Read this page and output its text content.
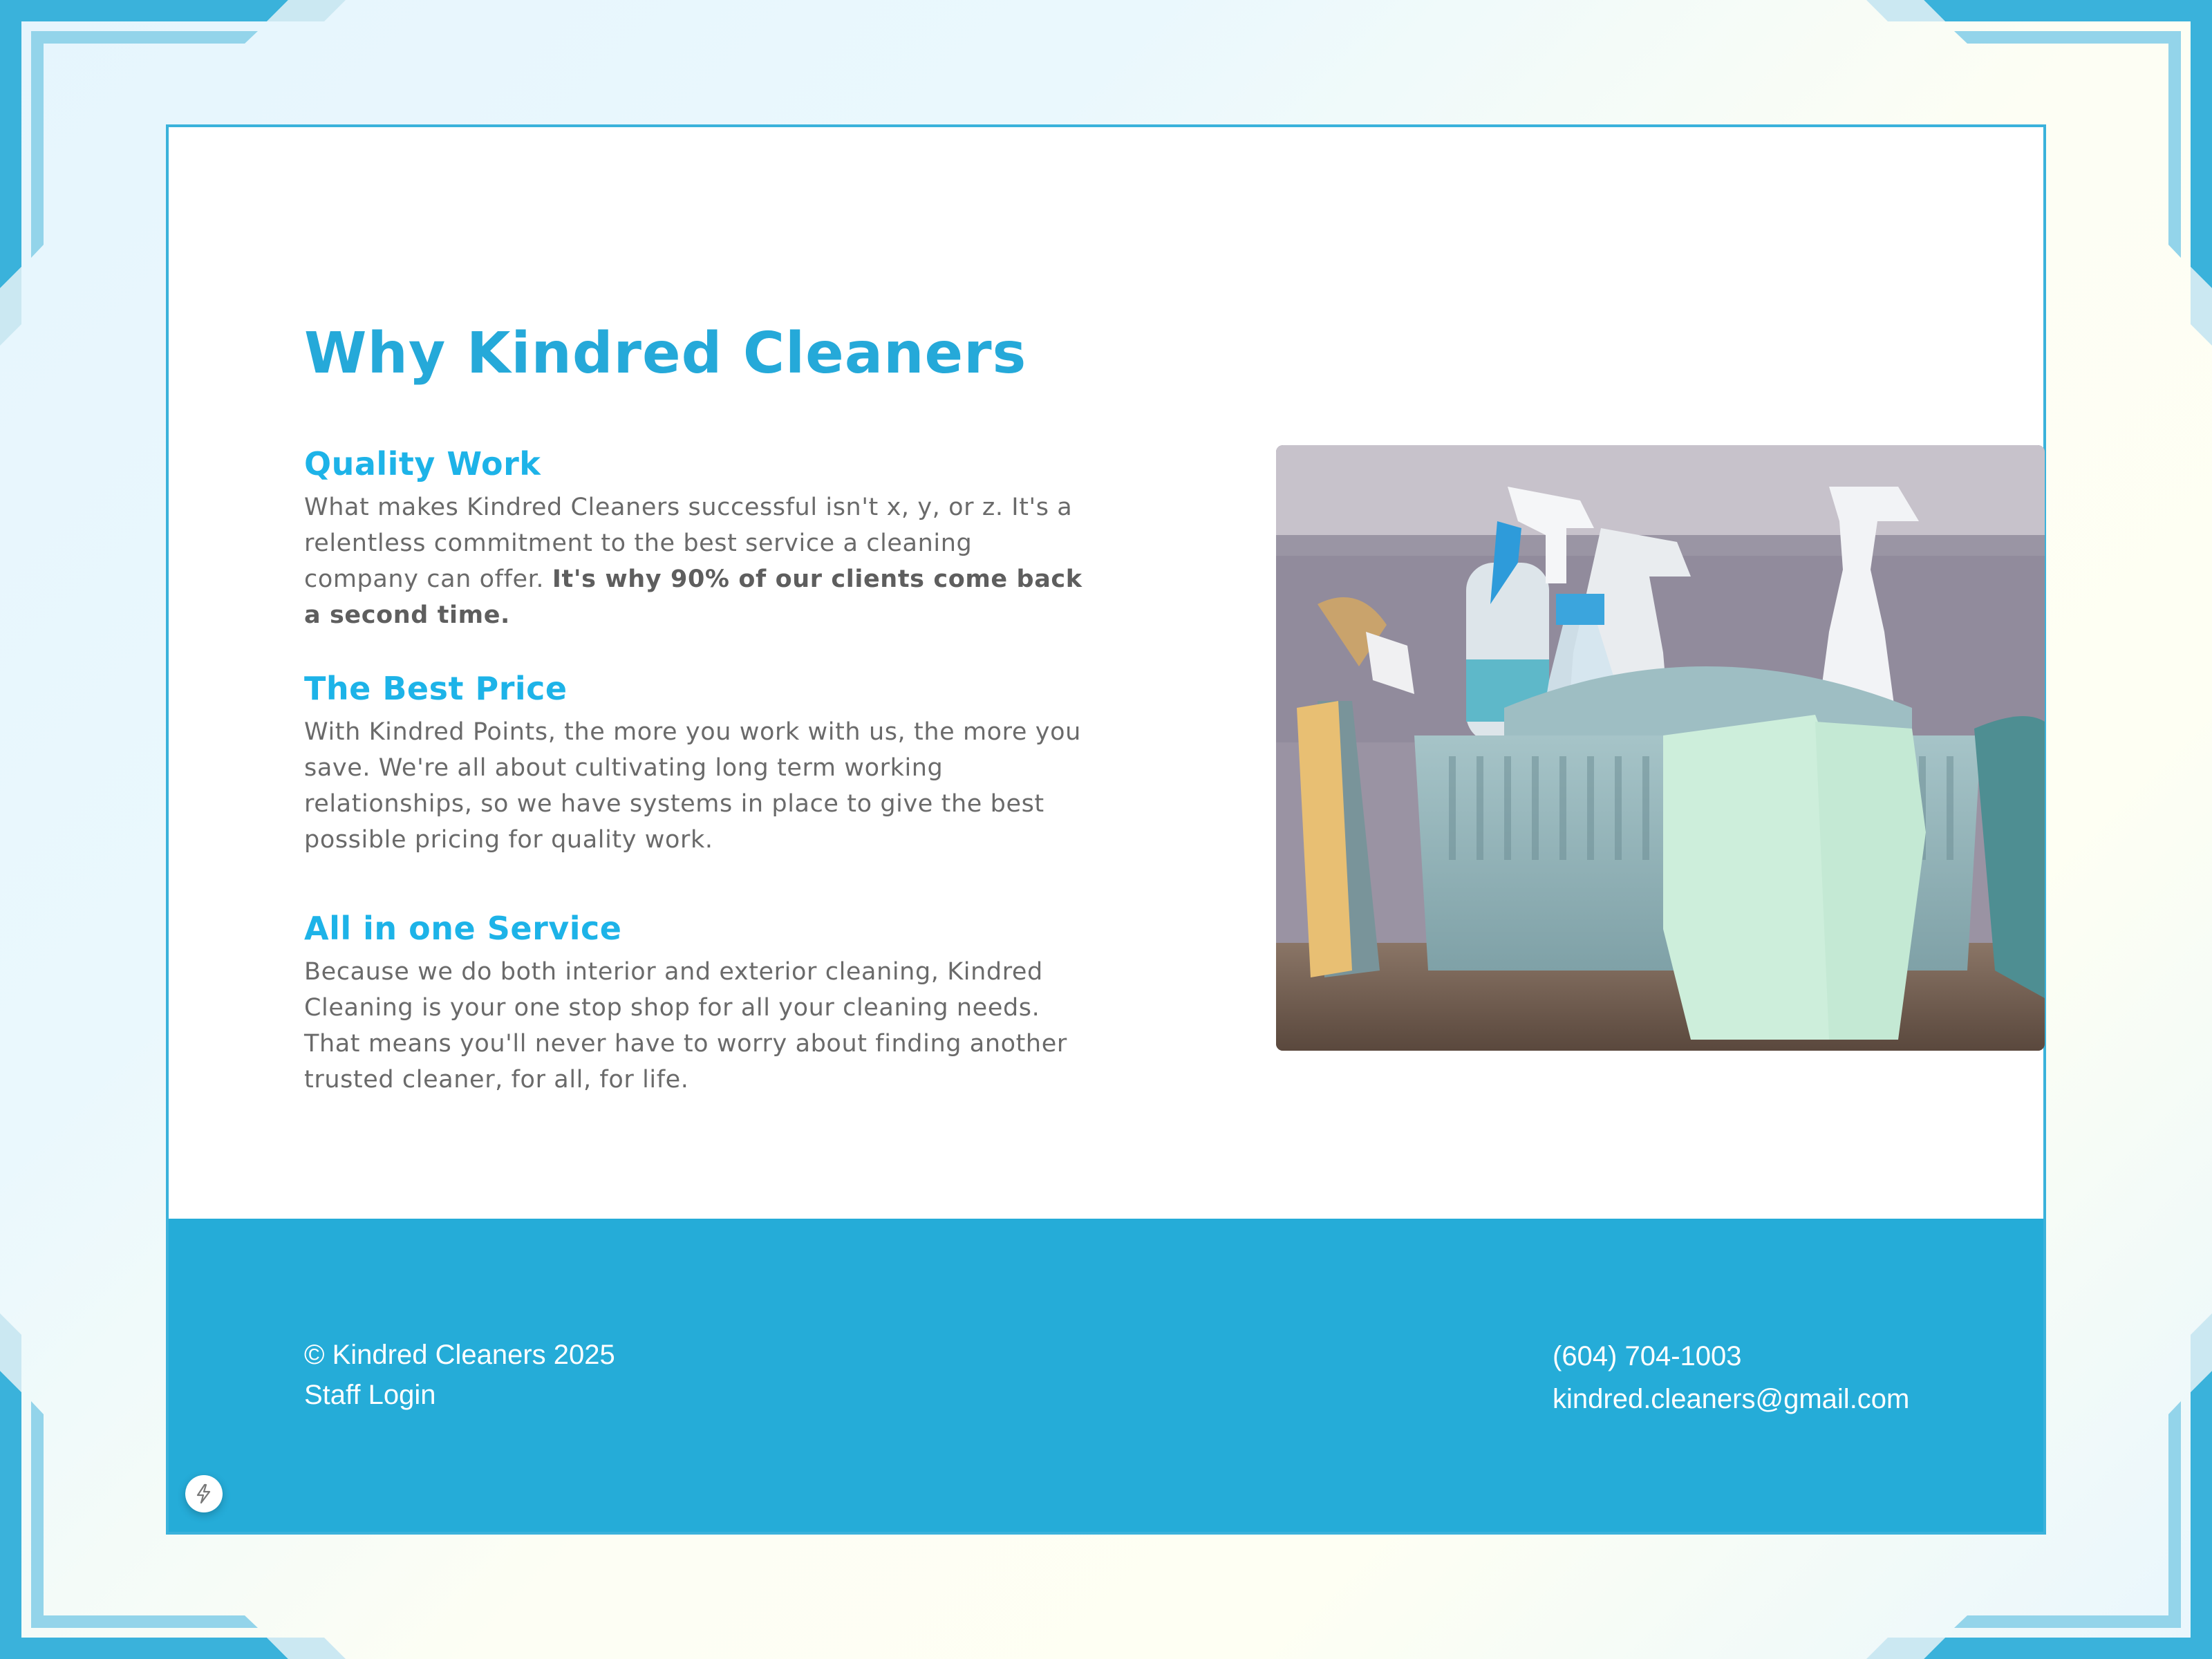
Why Kindred Cleaners
Quality Work

What makes Kindred Cleaners successful isn't x, y, or z. It's a relentless commitment to the best service a cleaning company can offer. It's why 90% of our clients come back a second time.

The Best Price

With Kindred Points, the more you work with us, the more you save. We're all about cultivating long term working relationships, so we have systems in place to give the best possible pricing for quality work.

All in one Service

Because we do both interior and exterior cleaning, Kindred Cleaning is your one stop shop for all your cleaning needs. That means you'll never have to worry about finding another trusted cleaner, for all, for life.

© Kindred Cleaners 2025
Staff Login
(604) 704-1003
kindred.cleaners@gmail.com
